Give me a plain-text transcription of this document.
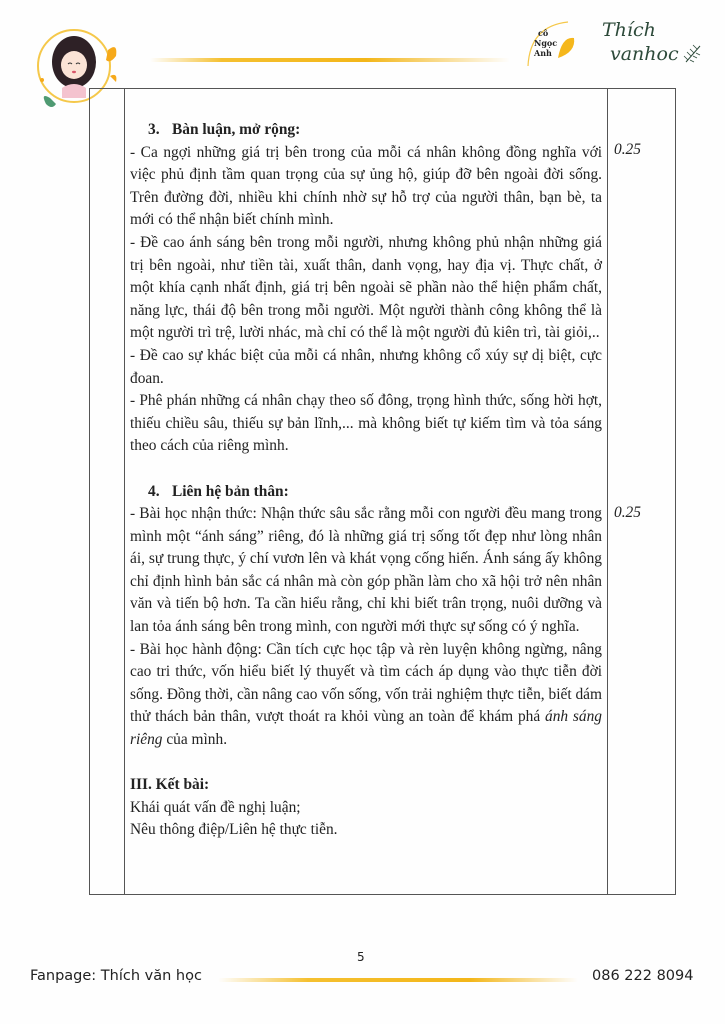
cô
Ngọc
Anh
Thích
vanhoc

3. Bàn luận, mở rộng:

- Ca ngợi những giá trị bên trong của mỗi cá nhân không đồng nghĩa với việc phủ định tầm quan trọng của sự ủng hộ, giúp đỡ bên ngoài đời sống. Trên đường đời, nhiều khi chính nhờ sự hỗ trợ của người thân, bạn bè, ta mới có thể nhận biết chính mình.

- Đề cao ánh sáng bên trong mỗi người, nhưng không phủ nhận những giá trị bên ngoài, như tiền tài, xuất thân, danh vọng, hay địa vị. Thực chất, ở một khía cạnh nhất định, giá trị bên ngoài sẽ phần nào thể hiện phẩm chất, năng lực, thái độ bên trong mỗi người. Một người thành công không thể là một người trì trệ, lười nhác, mà chỉ có thể là một người đủ kiên trì, tài giỏi,..

- Đề cao sự khác biệt của mỗi cá nhân, nhưng không cổ xúy sự dị biệt, cực đoan.

- Phê phán những cá nhân chạy theo số đông, trọng hình thức, sống hời hợt, thiếu chiều sâu, thiếu sự bản lĩnh,... mà không biết tự kiếm tìm và tỏa sáng theo cách của riêng mình.

4. Liên hệ bản thân:

- Bài học nhận thức: Nhận thức sâu sắc rằng mỗi con người đều mang trong mình một “ánh sáng” riêng, đó là những giá trị sống tốt đẹp như lòng nhân ái, sự trung thực, ý chí vươn lên và khát vọng cống hiến. Ánh sáng ấy không chỉ định hình bản sắc cá nhân mà còn góp phần làm cho xã hội trở nên nhân văn và tiến bộ hơn. Ta cần hiểu rằng, chỉ khi biết trân trọng, nuôi dưỡng và lan tỏa ánh sáng bên trong mình, con người mới thực sự sống có ý nghĩa.

- Bài học hành động: Cần tích cực học tập và rèn luyện không ngừng, nâng cao tri thức, vốn hiểu biết lý thuyết và tìm cách áp dụng vào thực tiễn đời sống. Đồng thời, cần nâng cao vốn sống, vốn trải nghiệm thực tiễn, biết dám thử thách bản thân, vượt thoát ra khỏi vùng an toàn để khám phá ánh sáng riêng của mình.

III. Kết bài:

Khái quát vấn đề nghị luận;

Nêu thông điệp/Liên hệ thực tiễn.

0.25
0.25
5
Fanpage: Thích văn học	086 222 8094
